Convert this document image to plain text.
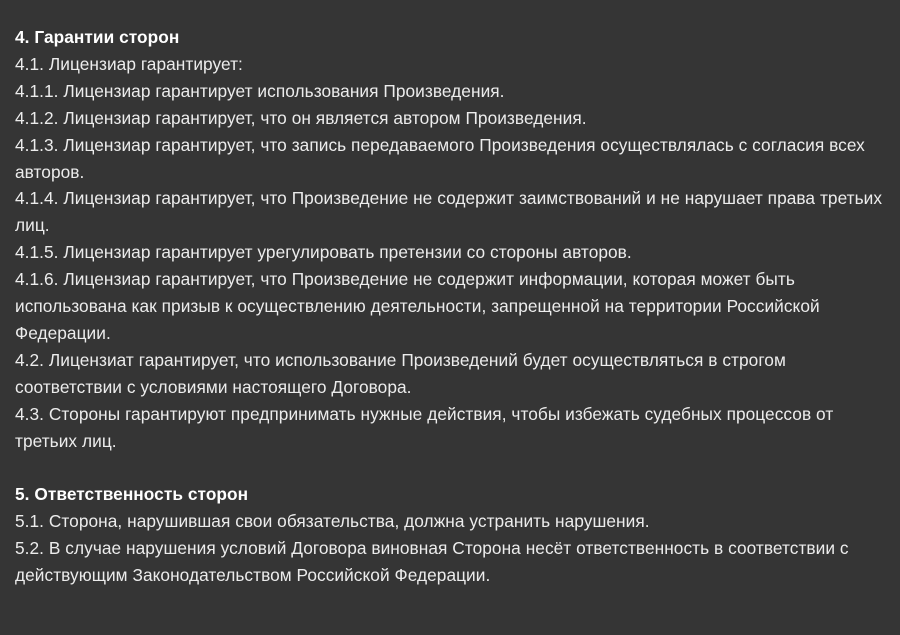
4. Гарантии сторон

4.1. Лицензиар гарантирует:

4.1.1. Лицензиар гарантирует использования Произведения.

4.1.2. Лицензиар гарантирует, что он является автором Произведения.

4.1.3. Лицензиар гарантирует, что запись передаваемого Произведения осуществлялась с согласия всех авторов.

4.1.4. Лицензиар гарантирует, что Произведение не содержит заимствований и не нарушает права третьих лиц.

4.1.5. Лицензиар гарантирует урегулировать претензии со стороны авторов.

4.1.6. Лицензиар гарантирует, что Произведение не содержит информации, которая может быть использована как призыв к осуществлению деятельности, запрещенной на территории Российской Федерации.

4.2. Лицензиат гарантирует, что использование Произведений будет осуществляться в строгом соответствии с условиями настоящего Договора.

4.3. Стороны гарантируют предпринимать нужные действия, чтобы избежать судебных процессов от третьих лиц.

5. Ответственность сторон

5.1. Сторона, нарушившая свои обязательства, должна устранить нарушения.

5.2. В случае нарушения условий Договора виновная Сторона несёт ответственность в соответствии с действующим Законодательством Российской Федерации.
